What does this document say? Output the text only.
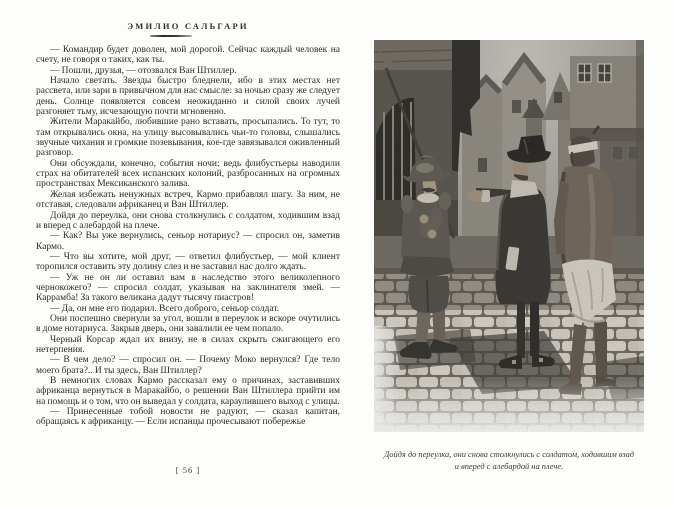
ЭМИЛИО САЛЬГАРИ

— Командир будет доволен, мой дорогой. Сейчас каждый человек на счету, не говоря о таких, как ты.

— Пошли, друзья, — отозвался Ван Штиллер.

Начало светать. Звезды быстро бледнели, ибо в этих местах нет рассвета, или зари в привычном для нас смысле: за ночью сразу же следует день. Солнце появляется совсем неожиданно и силой своих лучей разгоняет тьму, исчезающую почти мгновенно.

Жители Маракайбо, любившие рано вставать, просыпались. То тут, то там открывались окна, на улицу высовывались чьи-то головы, слышались звучные чихания и громкие позевывания, кое-где завязывался оживленный разговор.

Они обсуждали, конечно, события ночи: ведь флибустьеры наводили страх на обитателей всех испанских колоний, разбросанных на огромных пространствах Мексиканского залива.

Желая избежать ненужных встреч, Кармо прибавлял шагу. За ним, не отставая, следовали африканец и Ван Штиллер.

Дойдя до переулка, они снова столкнулись с солдатом, ходившим взад и вперед с алебардой на плече.

— Как? Вы уже вернулись, сеньор нотариус? — спросил он, заметив Кармо.

— Что вы хотите, мой друг, — ответил флибустьер, — мой клиент торопился оставить эту долину слез и не заставил нас долго ждать.

— Уж не он ли оставил вам в наследство этого великолепного чернокожего? — спросил солдат, указывая на заклинателя змей. — Каррамба! За такого великана дадут тысячу пиастров!

— Да, он мне его подарил. Всего доброго, сеньор солдат.

Они поспешно свернули за угол, вошли в переулок и вскоре очутились в доме нотариуса. Закрыв дверь, они завалили ее чем попало.

Черный Корсар ждал их внизу, не в силах скрыть сжигающего его нетерпения.

— В чем дело? — спросил он. — Почему Моко вернулся? Где тело моего брата?.. И ты здесь, Ван Штиллер?

В немногих словах Кармо рассказал ему о причинах, заставивших африканца вернуться в Маракайбо, о решении Ван Штиллера прийти им на помощь и о том, что он выведал у солдата, караулившего выход с улицы.

— Принесенные тобой новости не радуют, — сказал капитан, обращаясь к африканцу. — Если испанцы прочесывают побережье

[ 56 ]
Дойдя до переулка, они снова столкнулись с солдатом, ходившим взад и вперед с алебардой на плече.
